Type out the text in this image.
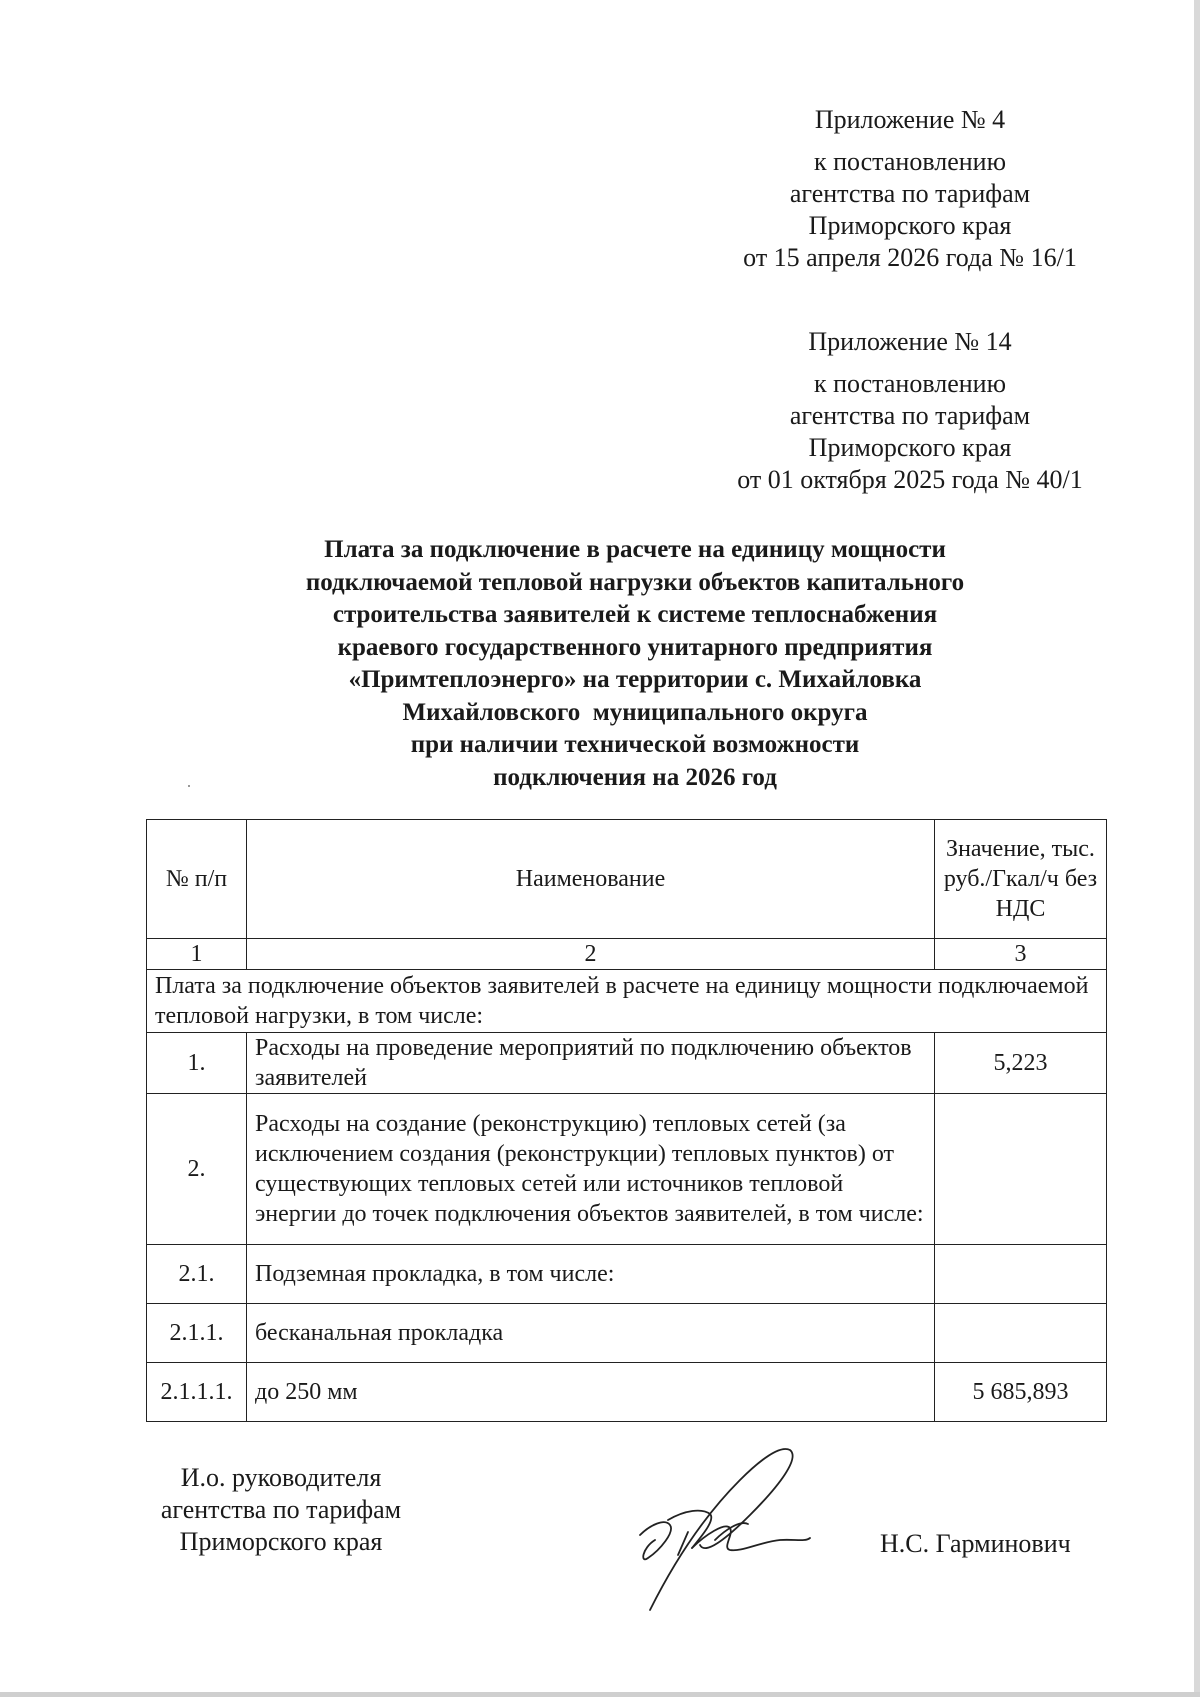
Приложение № 4
к постановлению
агентства по тарифам
Приморского края
от 15 апреля 2026 года № 16/1
Приложение № 14
к постановлению
агентства по тарифам
Приморского края
от 01 октября 2025 года № 40/1
Плата за подключение в расчете на единицу мощности
подключаемой тепловой нагрузки объектов капитального
строительства заявителей к системе теплоснабжения
краевого государственного унитарного предприятия
«Примтеплоэнерго» на территории с. Михайловка
Михайловского  муниципального округа
при наличии технической возможности
подключения на 2026 год
№ п/п	Наименование	Значение, тыс. руб./Гкал/ч без НДС
1	2	3
Плата за подключение объектов заявителей в расчете на единицу мощности подключаемой тепловой нагрузки, в том числе:		
1.	Расходы на проведение мероприятий по подключению объектов заявителей	5,223
2.	Расходы на создание (реконструкцию) тепловых сетей (за исключением создания (реконструкции) тепловых пунктов) от существующих тепловых сетей или источников тепловой энергии до точек подключения объектов заявителей, в том числе:	
2.1.	Подземная прокладка, в том числе:	
2.1.1.	бесканальная прокладка	
2.1.1.1.	до 250 мм	5 685,893
И.о. руководителя
агентства по тарифам
Приморского края	Н.С. Гарминович
